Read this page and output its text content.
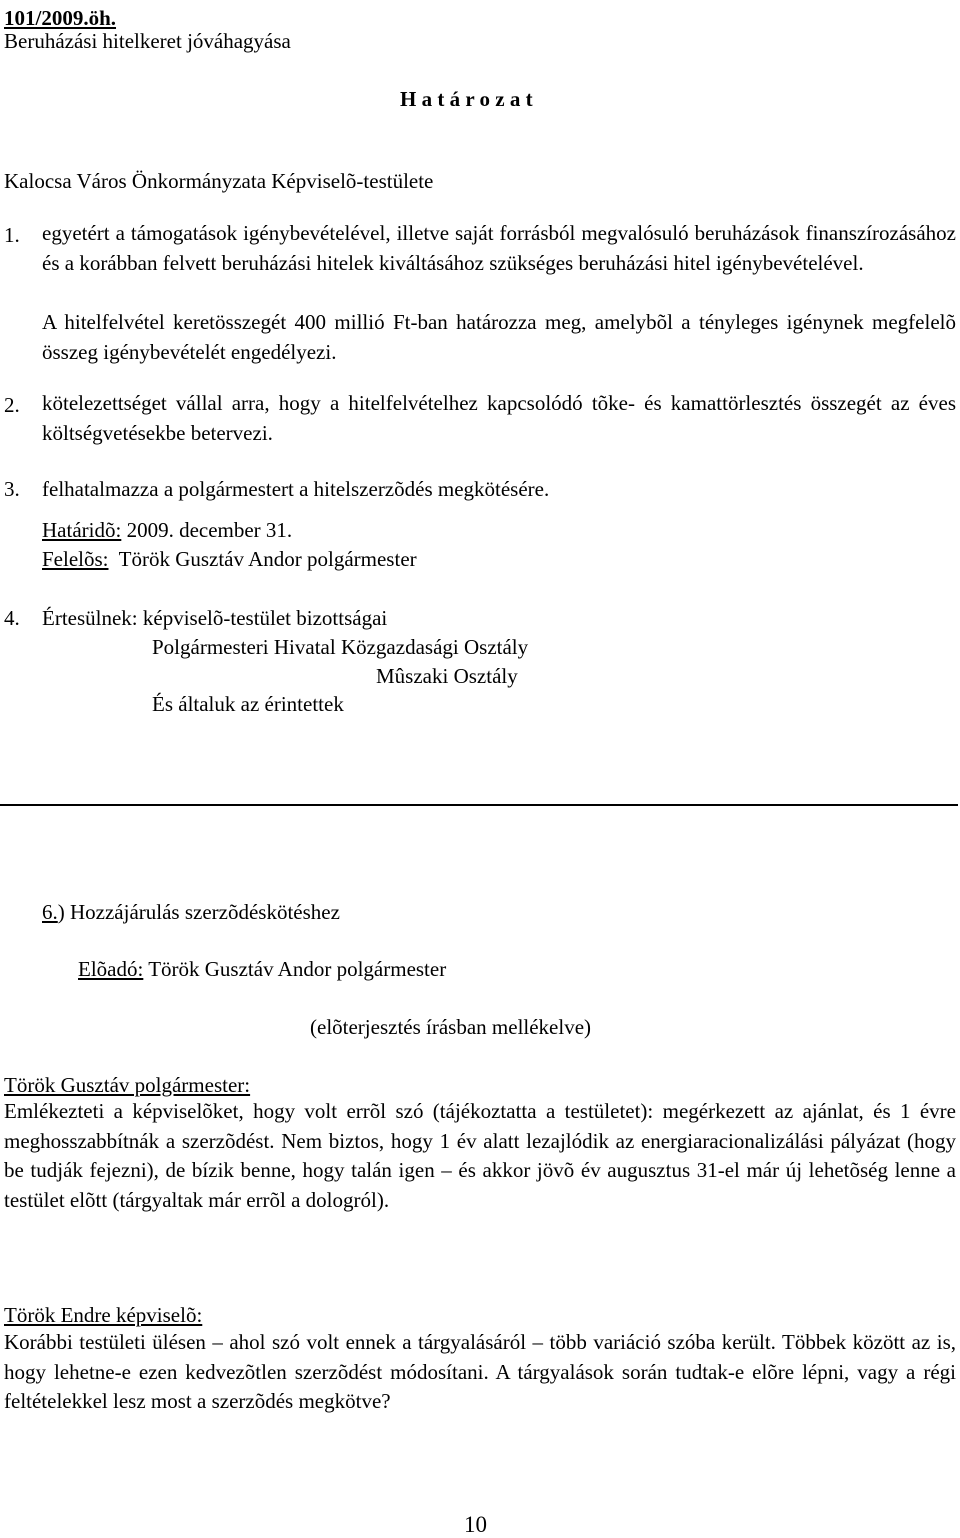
101/2009.öh.
Beruházási hitelkeret jóváhagyása
H a t á r o z a t
Kalocsa Város Önkormányzata Képviselõ-testülete
1. egyetért a támogatások igénybevételével, illetve saját forrásból megvalósuló beruházások finanszírozásához és a korábban felvett beruházási hitelek kiváltásához szükséges beruházási hitel igénybevételével.
A hitelfelvétel keretösszegét 400 millió Ft-ban határozza meg, amelybõl a tényleges igénynek megfelelõ összeg igénybevételét engedélyezi.
2. kötelezettséget vállal arra, hogy a hitelfelvételhez kapcsolódó tõke- és kamattörlesztés összegét az éves költségvetésekbe betervezi.
3. felhatalmazza a polgármestert a hitelszerzõdés megkötésére.
Határidõ: 2009. december 31.
Felelõs:  Török Gusztáv Andor polgármester
4. Értesülnek: képviselõ-testület bizottságai
Polgármesteri Hivatal Közgazdasági Osztály
Mûszaki Osztály
És általuk az érintettek
6.) Hozzájárulás szerzõdéskötéshez
Elõadó: Török Gusztáv Andor polgármester
(elõterjesztés írásban mellékelve)
Török Gusztáv polgármester:
Emlékezteti a képviselõket, hogy volt errõl szó (tájékoztatta a testületet): megérkezett az ajánlat, és 1 évre meghosszabbítnák a szerzõdést. Nem biztos, hogy 1 év alatt lezajlódik az energiaracionalizálási pályázat (hogy be tudják fejezni), de bízik benne, hogy talán igen – és akkor jövõ év augusztus 31-el már új lehetõség lenne a testület elõtt (tárgyaltak már errõl a dologról).
Török Endre képviselõ:
Korábbi testületi ülésen – ahol szó volt ennek a tárgyalásáról – több variáció szóba került. Többek között az is, hogy lehetne-e ezen kedvezõtlen szerzõdést módosítani. A tárgyalások során tudtak-e elõre lépni, vagy a régi feltételekkel lesz most a szerzõdés megkötve?
10
